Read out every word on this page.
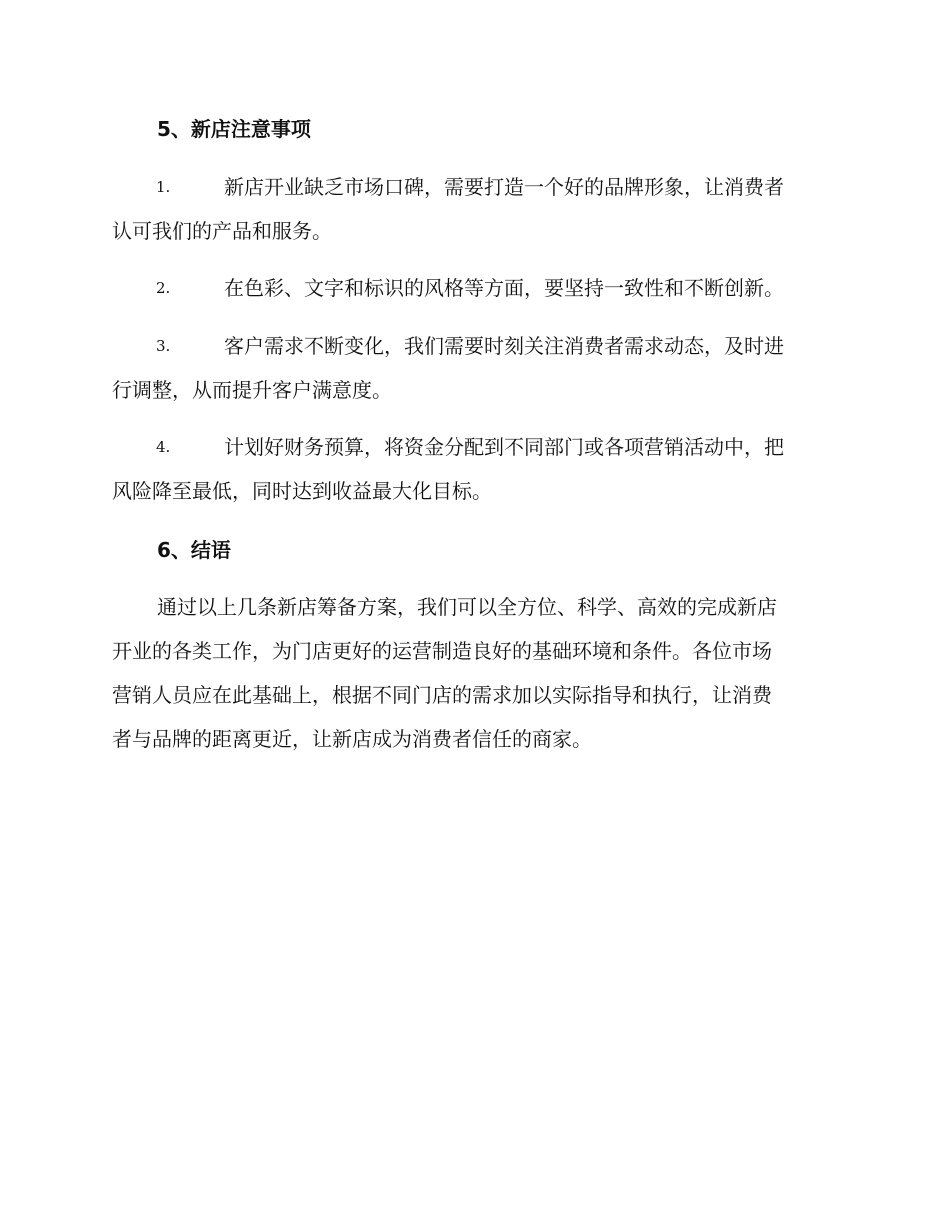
5、新店注意事项
1.	新店开业缺乏市场口碑，需要打造一个好的品牌形象，让消费者
认可我们的产品和服务。
2.	在色彩、文字和标识的风格等方面，要坚持一致性和不断创新。
3.	客户需求不断变化，我们需要时刻关注消费者需求动态，及时进
行调整，从而提升客户满意度。
4.	计划好财务预算，将资金分配到不同部门或各项营销活动中，把
风险降至最低，同时达到收益最大化目标。
6、结语
通过以上几条新店筹备方案，我们可以全方位、科学、高效的完成新店
开业的各类工作，为门店更好的运营制造良好的基础环境和条件。各位市场
营销人员应在此基础上，根据不同门店的需求加以实际指导和执行，让消费
者与品牌的距离更近，让新店成为消费者信任的商家。
